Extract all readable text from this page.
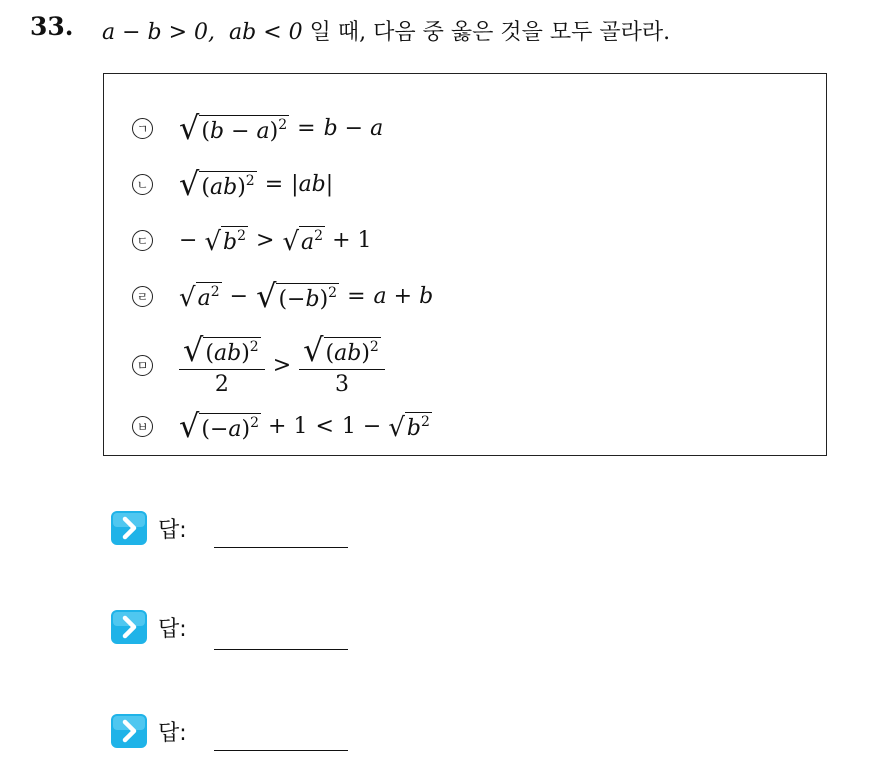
33. a − b > 0, ab < 0 일 때, 다음 중 옳은 것을 모두 골라라.
ㄱ √ $(b - a)^2 = b - a$
ㄴ √ (ab)$^2$ = | ab |
ㄷ − √ $b^2$ > √ $a^2 + 1$
ㄹ √ $a^2$ − √ $(-b)^2 = a + b$
ㅁ $\frac{√ (ab)^2}{2} > \frac{√ (ab)^2}{3}$
ㅂ √ $(-a)^2 + 1 < 1$ − √ $b^2$
답:
답:
답:
